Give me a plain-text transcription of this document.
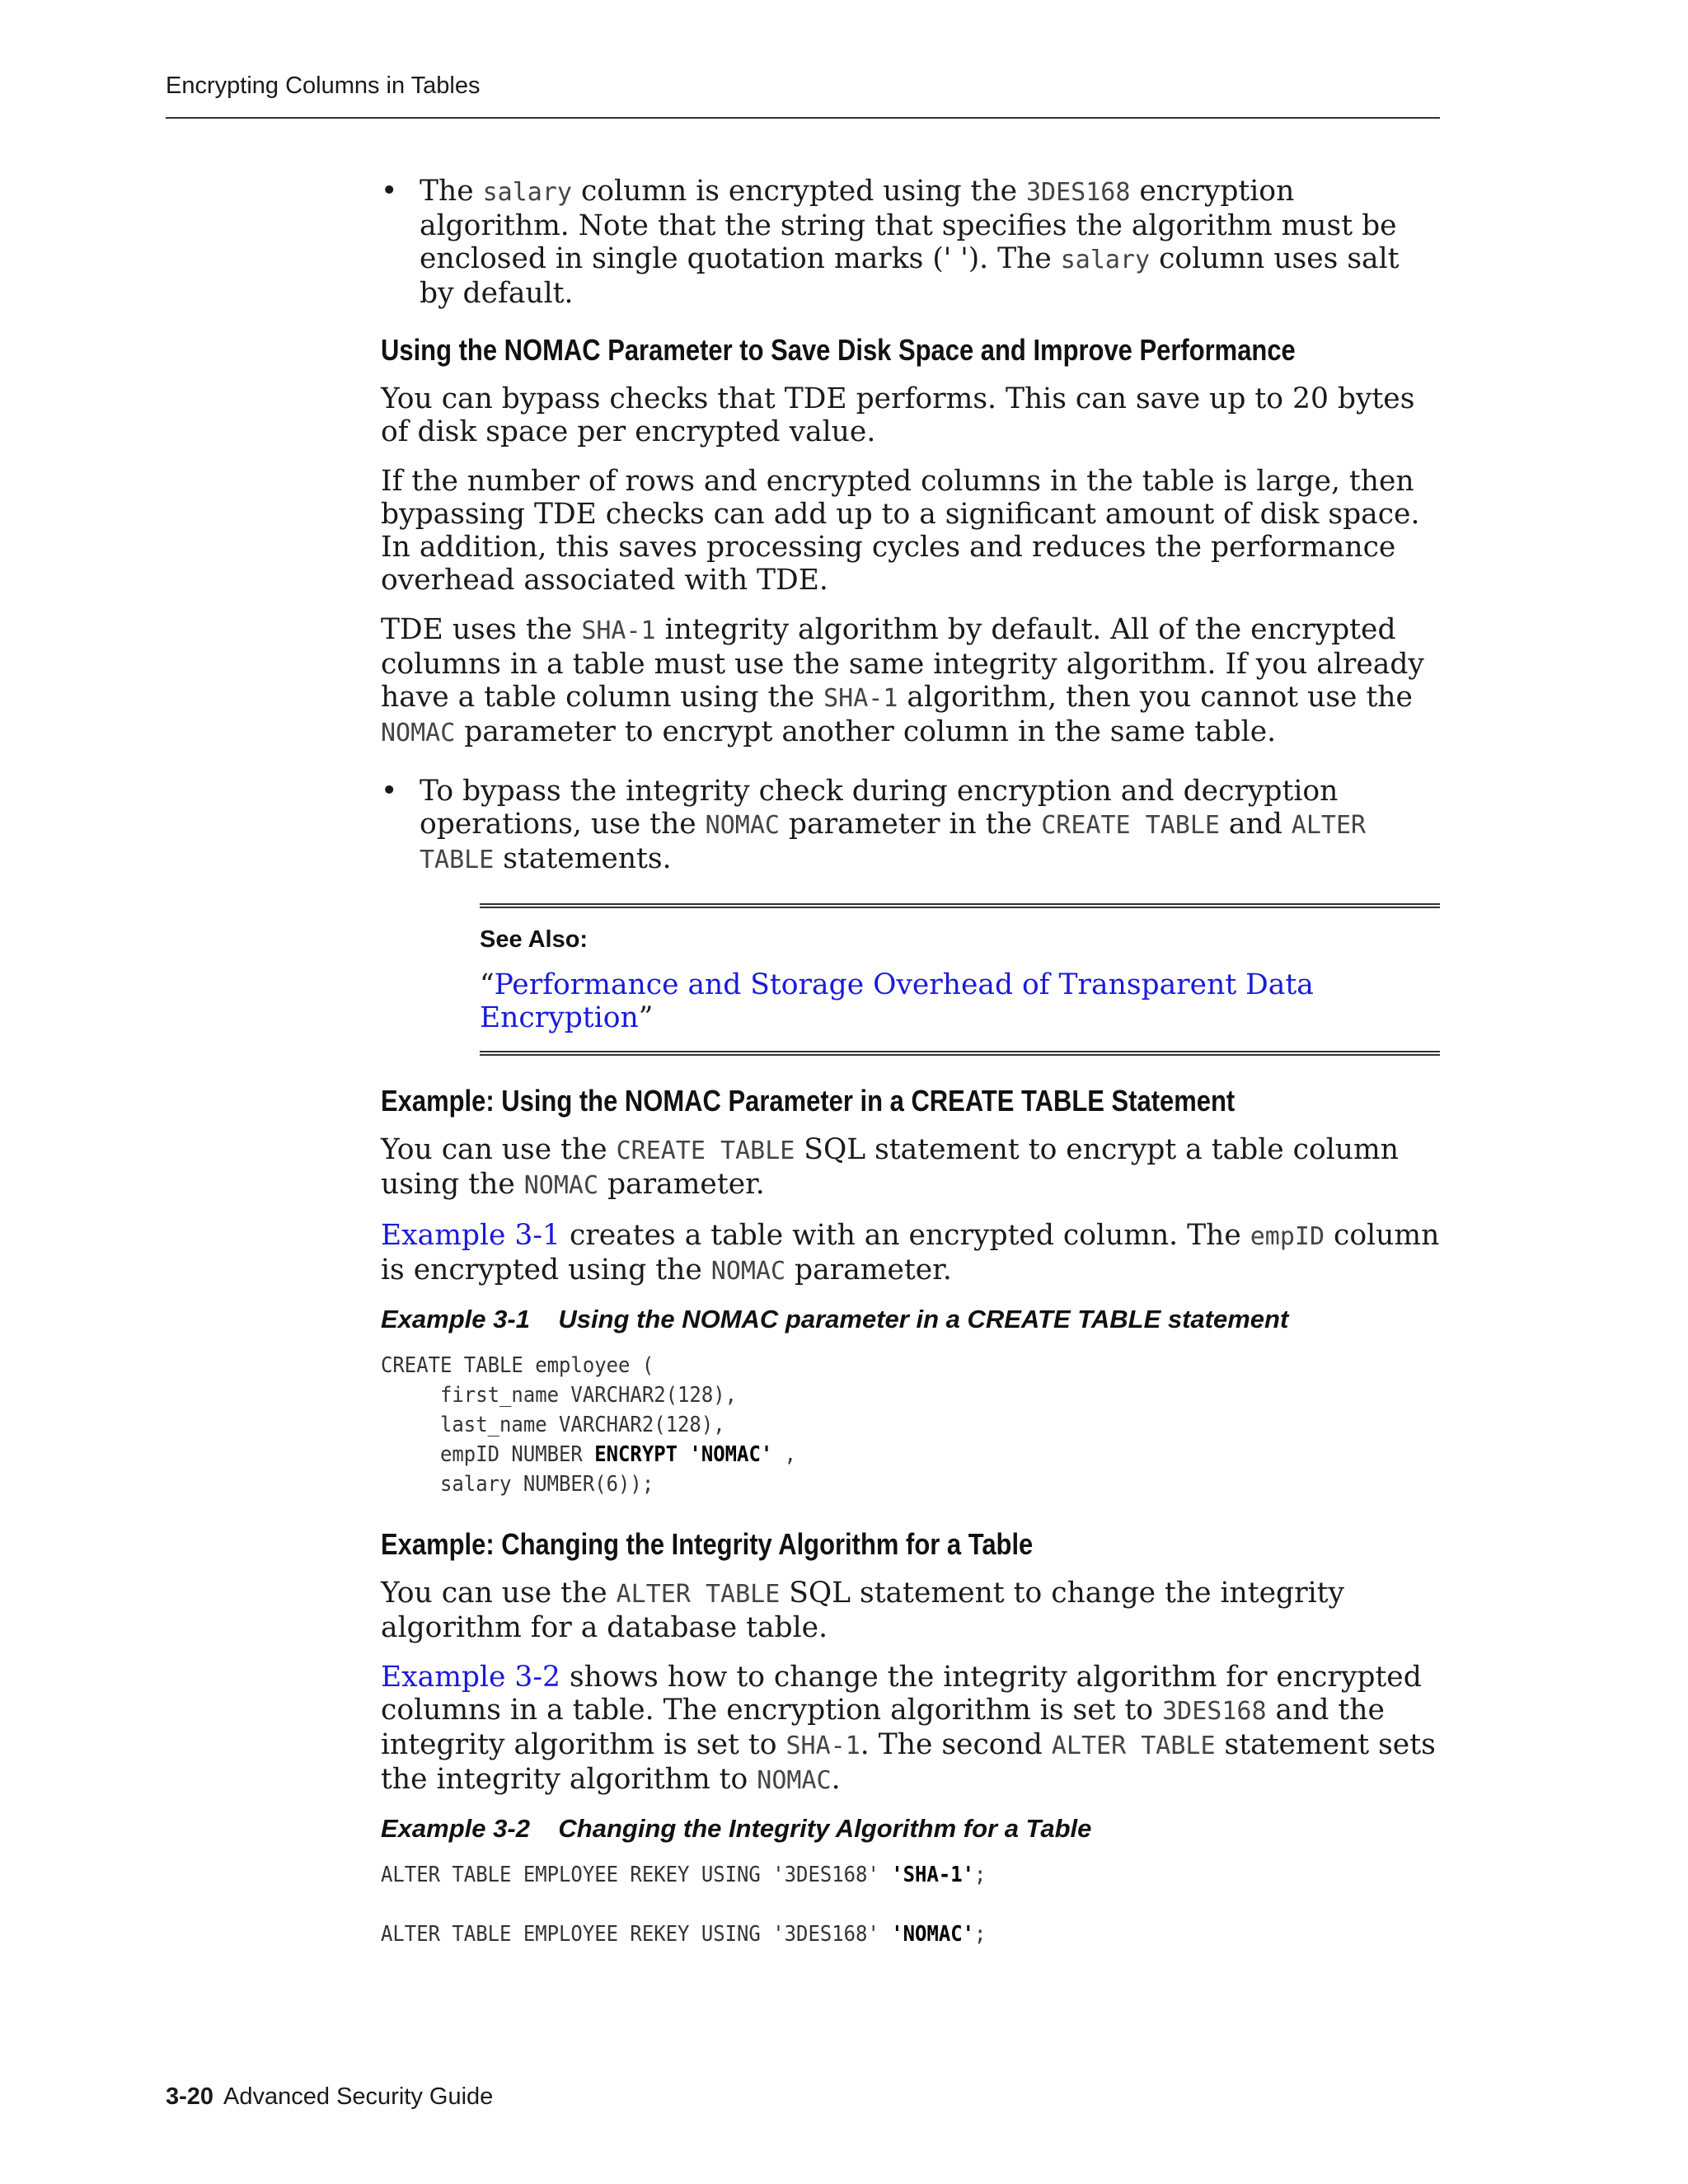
Encrypting Columns in Tables
• The salary column is encrypted using the 3DES168 encryption algorithm. Note that the string that specifies the algorithm must be enclosed in single quotation marks (' '). The salary column uses salt by default.
Using the NOMAC Parameter to Save Disk Space and Improve Performance

You can bypass checks that TDE performs. This can save up to 20 bytes of disk space per encrypted value.

If the number of rows and encrypted columns in the table is large, then bypassing TDE checks can add up to a significant amount of disk space. In addition, this saves processing cycles and reduces the performance overhead associated with TDE.

TDE uses the SHA-1 integrity algorithm by default. All of the encrypted columns in a table must use the same integrity algorithm. If you already have a table column using the SHA-1 algorithm, then you cannot use the NOMAC parameter to encrypt another column in the same table.

• To bypass the integrity check during encryption and decryption operations, use the NOMAC parameter in the CREATE TABLE and ALTER TABLE statements.
See Also:

“Performance and Storage Overhead of Transparent Data Encryption”

Example: Using the NOMAC Parameter in a CREATE TABLE Statement

You can use the CREATE TABLE SQL statement to encrypt a table column using the NOMAC parameter.

Example 3-1 creates a table with an encrypted column. The empID column is encrypted using the NOMAC parameter.

Example 3-1    Using the NOMAC parameter in a CREATE TABLE statement
CREATE TABLE employee (
first_name VARCHAR2(128),
last_name VARCHAR2(128),
empID NUMBER ENCRYPT 'NOMAC' ,
salary NUMBER(6));
Example: Changing the Integrity Algorithm for a Table

You can use the ALTER TABLE SQL statement to change the integrity algorithm for a database table.

Example 3-2 shows how to change the integrity algorithm for encrypted columns in a table. The encryption algorithm is set to 3DES168 and the integrity algorithm is set to SHA-1. The second ALTER TABLE statement sets the integrity algorithm to NOMAC.

Example 3-2    Changing the Integrity Algorithm for a Table
ALTER TABLE EMPLOYEE REKEY USING '3DES168' 'SHA-1';

ALTER TABLE EMPLOYEE REKEY USING '3DES168' 'NOMAC';
3-20 Advanced Security Guide
